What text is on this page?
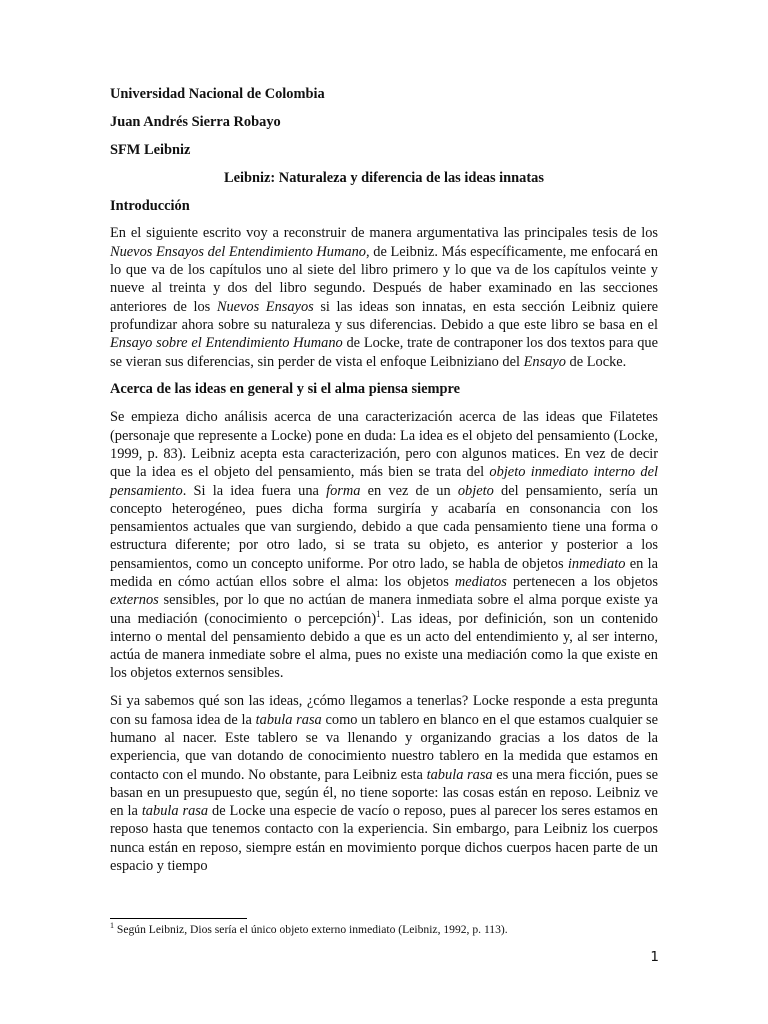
Universidad Nacional de Colombia
Juan Andrés Sierra Robayo
SFM Leibniz
Leibniz: Naturaleza y diferencia de las ideas innatas
Introducción

En el siguiente escrito voy a reconstruir de manera argumentativa las principales tesis de los Nuevos Ensayos del Entendimiento Humano, de Leibniz. Más específicamente, me enfocará en lo que va de los capítulos uno al siete del libro primero y lo que va de los capítulos veinte y nueve al treinta y dos del libro segundo. Después de haber examinado en las secciones anteriores de los Nuevos Ensayos si las ideas son innatas, en esta sección Leibniz quiere profundizar ahora sobre su naturaleza y sus diferencias. Debido a que este libro se basa en el Ensayo sobre el Entendimiento Humano de Locke, trate de contraponer los dos textos para que se vieran sus diferencias, sin perder de vista el enfoque Leibniziano del Ensayo de Locke.

Acerca de las ideas en general y si el alma piensa siempre

Se empieza dicho análisis acerca de una caracterización acerca de las ideas que Filatetes (personaje que represente a Locke) pone en duda: La idea es el objeto del pensamiento (Locke, 1999, p. 83). Leibniz acepta esta caracterización, pero con algunos matices. En vez de decir que la idea es el objeto del pensamiento, más bien se trata del objeto inmediato interno del pensamiento. Si la idea fuera una forma en vez de un objeto del pensamiento, sería un concepto heterogéneo, pues dicha forma surgiría y acabaría en consonancia con los pensamientos actuales que van surgiendo, debido a que cada pensamiento tiene una forma o estructura diferente; por otro lado, si se trata su objeto, es anterior y posterior a los pensamientos, como un concepto uniforme. Por otro lado, se habla de objetos inmediato en la medida en cómo actúan ellos sobre el alma: los objetos mediatos pertenecen a los objetos externos sensibles, por lo que no actúan de manera inmediata sobre el alma porque existe ya una mediación (conocimiento o percepción)$^1$. Las ideas, por definición, son un contenido interno o mental del pensamiento debido a que es un acto del entendimiento y, al ser interno, actúa de manera inmediate sobre el alma, pues no existe una mediación como la que existe en los objetos externos sensibles.

Si ya sabemos qué son las ideas, ¿cómo llegamos a tenerlas? Locke responde a esta pregunta con su famosa idea de la tabula rasa como un tablero en blanco en el que estamos cualquier se humano al nacer. Este tablero se va llenando y organizando gracias a los datos de la experiencia, que van dotando de conocimiento nuestro tablero en la medida que estamos en contacto con el mundo. No obstante, para Leibniz esta tabula rasa es una mera ficción, pues se basan en un presupuesto que, según él, no tiene soporte: las cosas están en reposo. Leibniz ve en la tabula rasa de Locke una especie de vacío o reposo, pues al parecer los seres estamos en reposo hasta que tenemos contacto con la experiencia. Sin embargo, para Leibniz los cuerpos nunca están en reposo, siempre están en movimiento porque dichos cuerpos hacen parte de un espacio y tiempo

$^1$ Según Leibniz, Dios sería el único objeto externo inmediato (Leibniz, 1992, p. 113).
1
